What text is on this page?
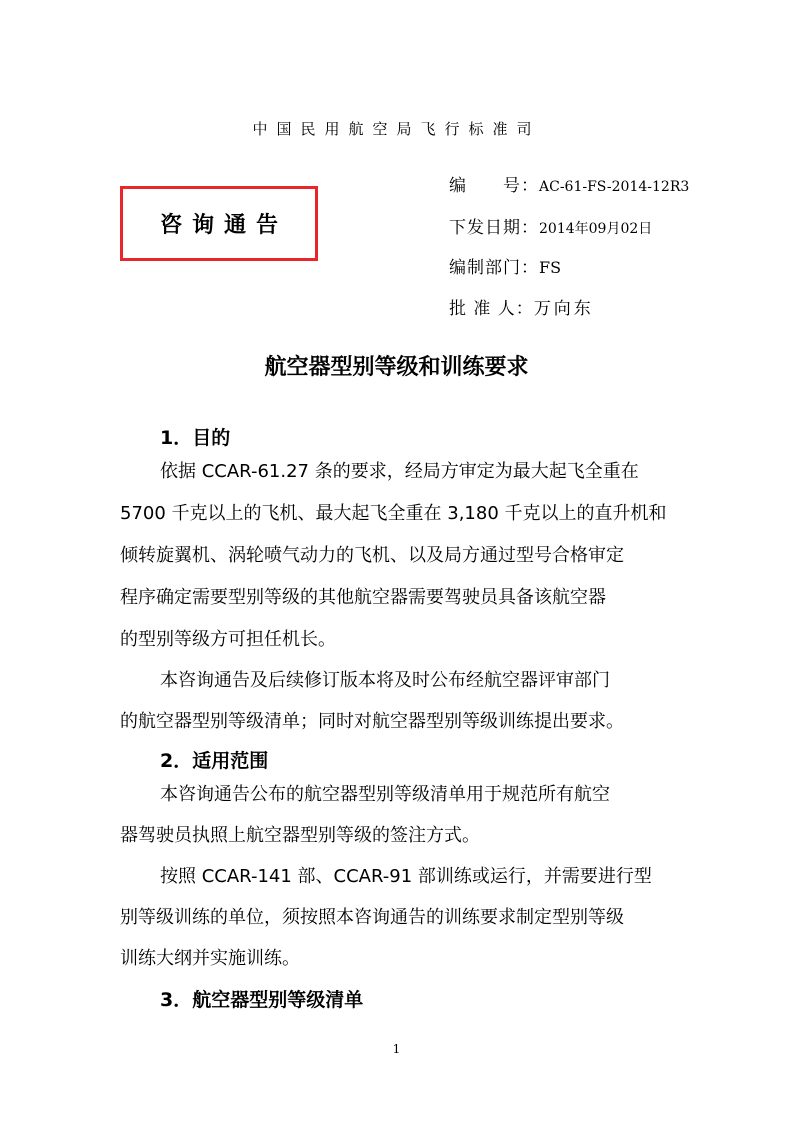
中国民用航空局飞行标准司
咨询通告
编　　号：AC-61-FS-2014-12R3
下发日期：2014年09月02日
编制部门：FS
批 准 人：万向东
航空器型别等级和训练要求
1．目的
依据 CCAR-61.27 条的要求，经局方审定为最大起飞全重在
5700 千克以上的飞机、最大起飞全重在 3,180 千克以上的直升机和
倾转旋翼机、涡轮喷气动力的飞机、以及局方通过型号合格审定
程序确定需要型别等级的其他航空器需要驾驶员具备该航空器
的型别等级方可担任机长。
本咨询通告及后续修订版本将及时公布经航空器评审部门
的航空器型别等级清单；同时对航空器型别等级训练提出要求。
2．适用范围
本咨询通告公布的航空器型别等级清单用于规范所有航空
器驾驶员执照上航空器型别等级的签注方式。
按照 CCAR-141 部、CCAR-91 部训练或运行，并需要进行型
别等级训练的单位，须按照本咨询通告的训练要求制定型别等级
训练大纲并实施训练。
3．航空器型别等级清单
1
